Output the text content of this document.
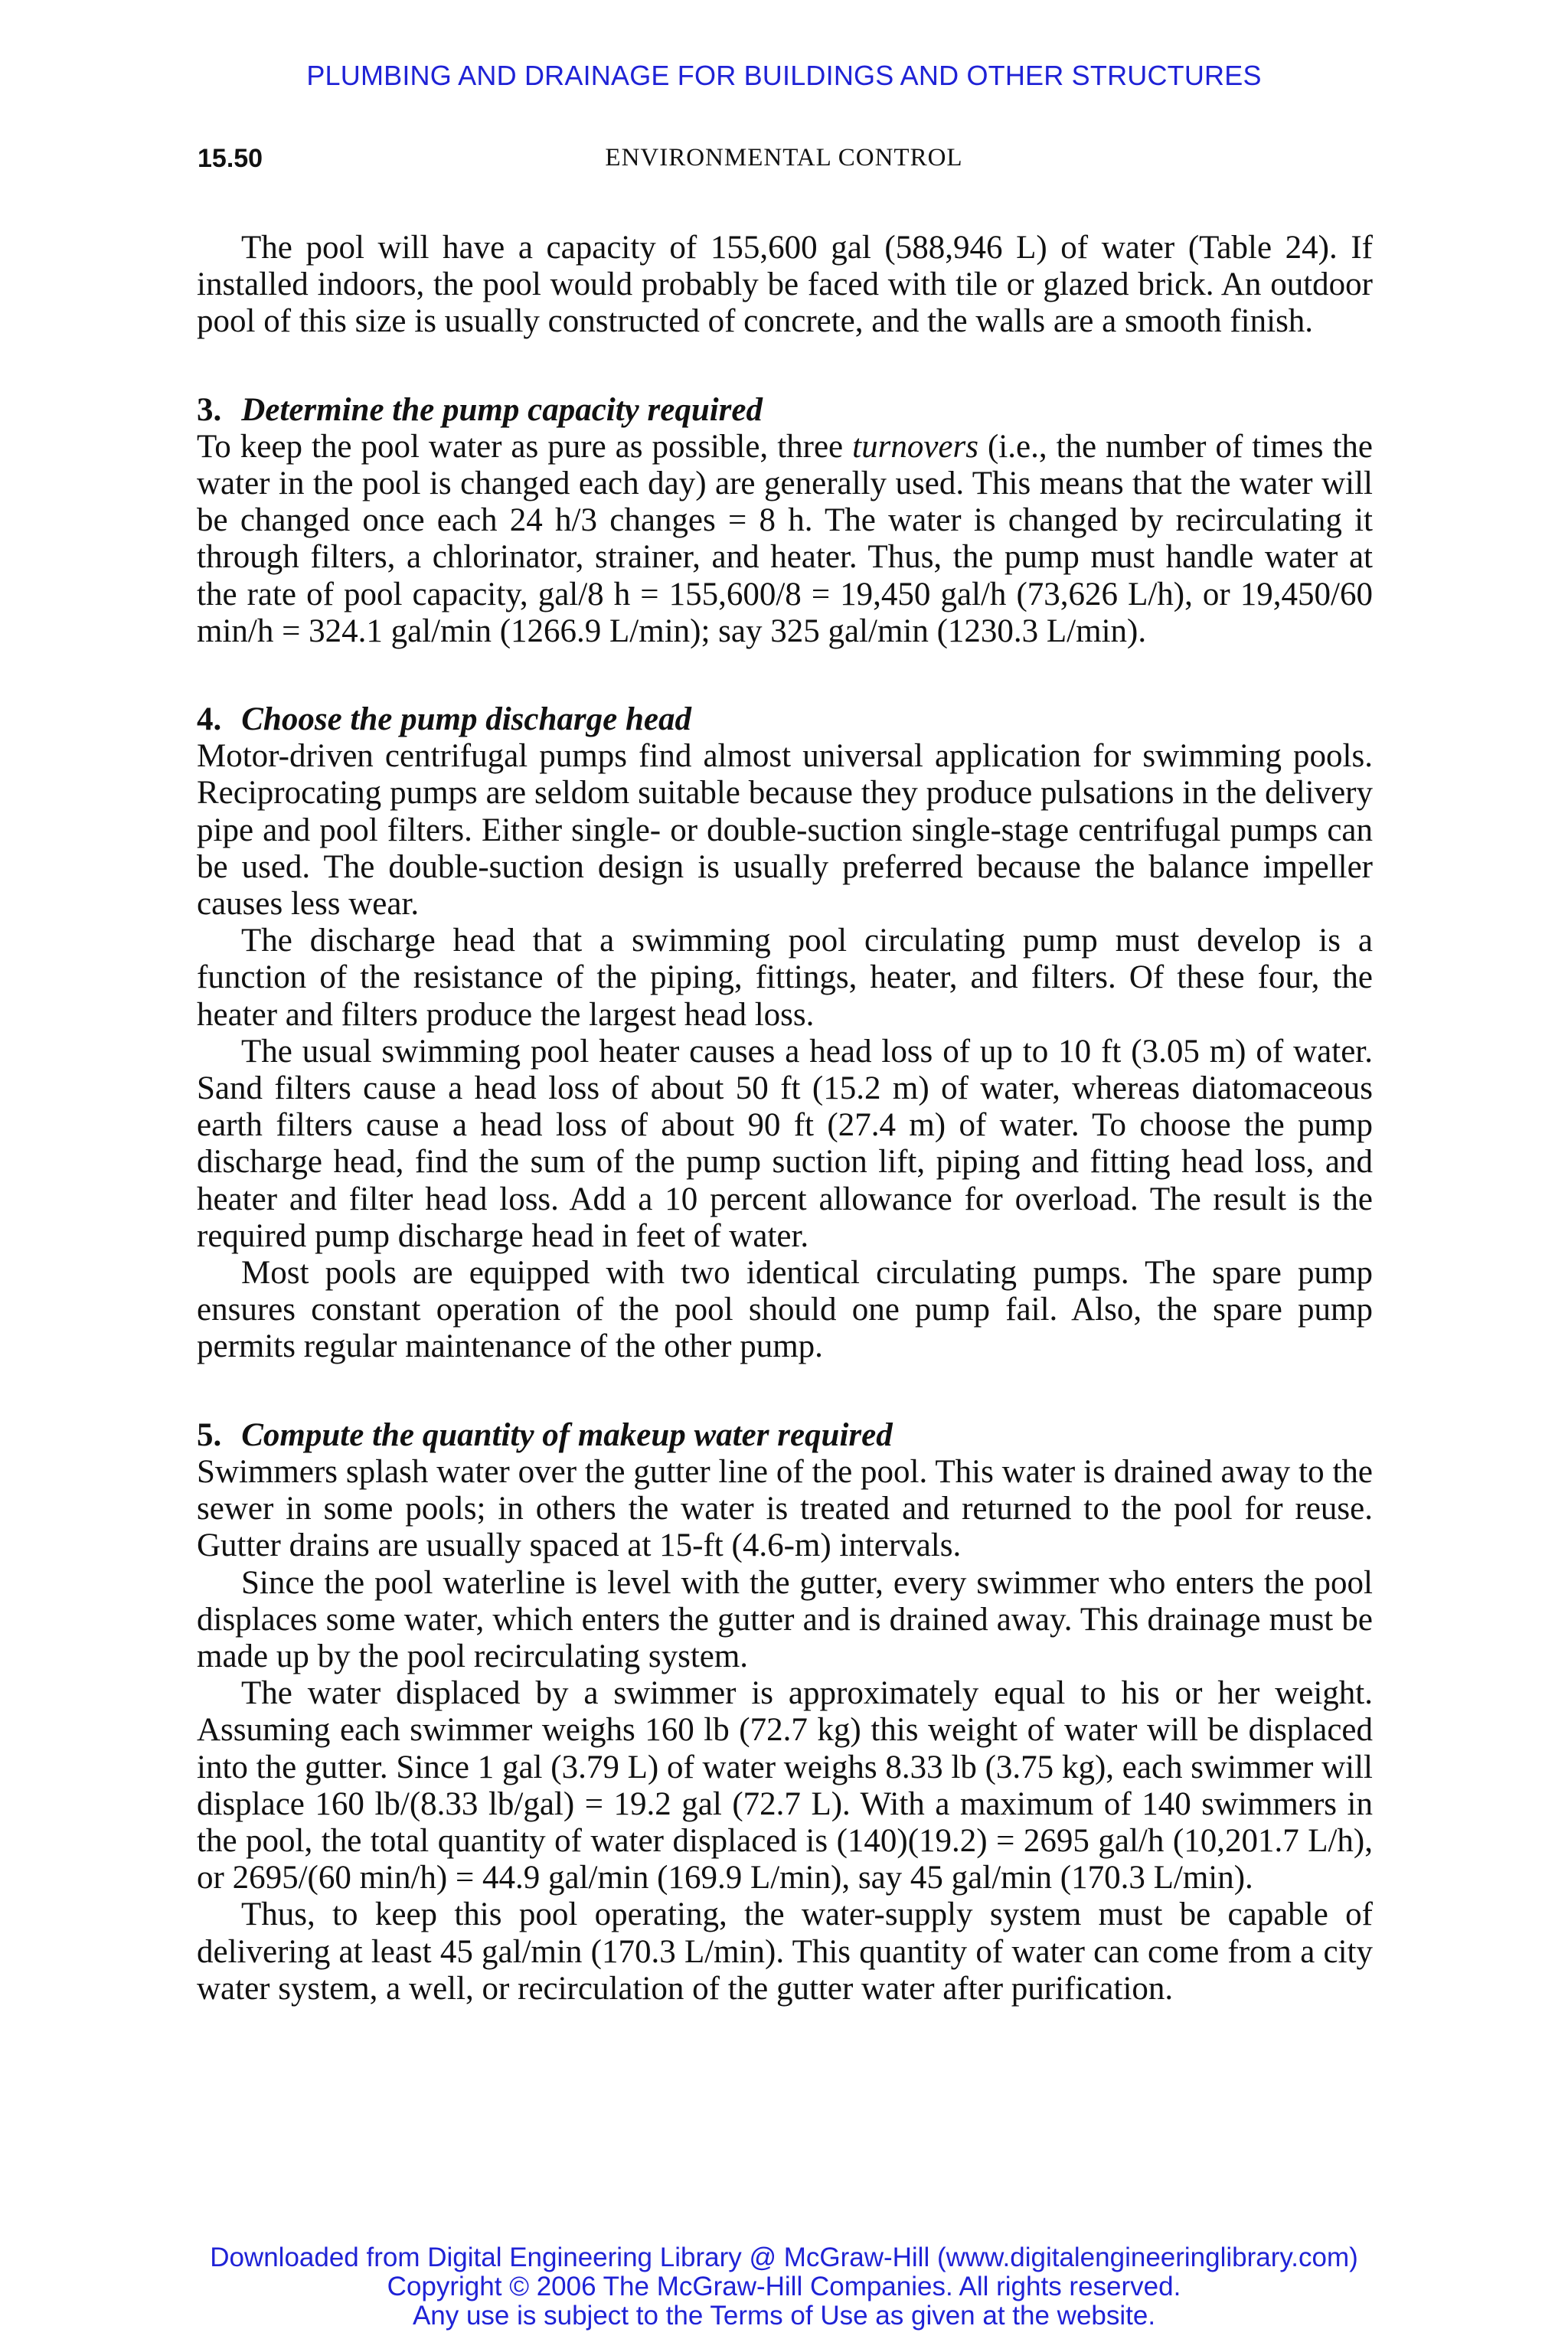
PLUMBING AND DRAINAGE FOR BUILDINGS AND OTHER STRUCTURES
15.50	ENVIRONMENTAL CONTROL

The pool will have a capacity of 155,600 gal (588,946 L) of water (Table 24). If installed indoors, the pool would probably be faced with tile or glazed brick. An outdoor pool of this size is usually constructed of concrete, and the walls are a smooth finish.

3. Determine the pump capacity required

To keep the pool water as pure as possible, three turnovers (i.e., the number of times the water in the pool is changed each day) are generally used. This means that the water will be changed once each 24 h/3 changes = 8 h. The water is changed by recirculating it through filters, a chlorinator, strainer, and heater. Thus, the pump must handle water at the rate of pool capacity, gal/8 h = 155,600/8 = 19,450 gal/h (73,626 L/h), or 19,450/60 min/h = 324.1 gal/min (1266.9 L/min); say 325 gal/min (1230.3 L/min).

4. Choose the pump discharge head

Motor-driven centrifugal pumps find almost universal application for swimming pools. Reciprocating pumps are seldom suitable because they produce pulsations in the delivery pipe and pool filters. Either single- or double-suction single-stage centrifugal pumps can be used. The double-suction design is usually preferred because the balance impeller causes less wear.

The discharge head that a swimming pool circulating pump must develop is a function of the resistance of the piping, fittings, heater, and filters. Of these four, the heater and filters produce the largest head loss.

The usual swimming pool heater causes a head loss of up to 10 ft (3.05 m) of water. Sand filters cause a head loss of about 50 ft (15.2 m) of water, whereas diatomaceous earth filters cause a head loss of about 90 ft (27.4 m) of water. To choose the pump discharge head, find the sum of the pump suction lift, piping and fitting head loss, and heater and filter head loss. Add a 10 percent allowance for overload. The result is the required pump discharge head in feet of water.

Most pools are equipped with two identical circulating pumps. The spare pump ensures constant operation of the pool should one pump fail. Also, the spare pump permits regular maintenance of the other pump.

5. Compute the quantity of makeup water required

Swimmers splash water over the gutter line of the pool. This water is drained away to the sewer in some pools; in others the water is treated and returned to the pool for reuse. Gutter drains are usually spaced at 15-ft (4.6-m) intervals.

Since the pool waterline is level with the gutter, every swimmer who enters the pool displaces some water, which enters the gutter and is drained away. This drainage must be made up by the pool recirculating system.

The water displaced by a swimmer is approximately equal to his or her weight. Assuming each swimmer weighs 160 lb (72.7 kg) this weight of water will be displaced into the gutter. Since 1 gal (3.79 L) of water weighs 8.33 lb (3.75 kg), each swimmer will displace 160 lb/(8.33 lb/gal) = 19.2 gal (72.7 L). With a maximum of 140 swimmers in the pool, the total quantity of water displaced is (140)(19.2) = 2695 gal/h (10,201.7 L/h), or 2695/(60 min/h) = 44.9 gal/min (169.9 L/min), say 45 gal/min (170.3 L/min).

Thus, to keep this pool operating, the water-supply system must be capable of delivering at least 45 gal/min (170.3 L/min). This quantity of water can come from a city water system, a well, or recirculation of the gutter water after purification.

Downloaded from Digital Engineering Library @ McGraw-Hill (www.digitalengineeringlibrary.com)
Copyright © 2006 The McGraw-Hill Companies. All rights reserved.
Any use is subject to the Terms of Use as given at the website.
